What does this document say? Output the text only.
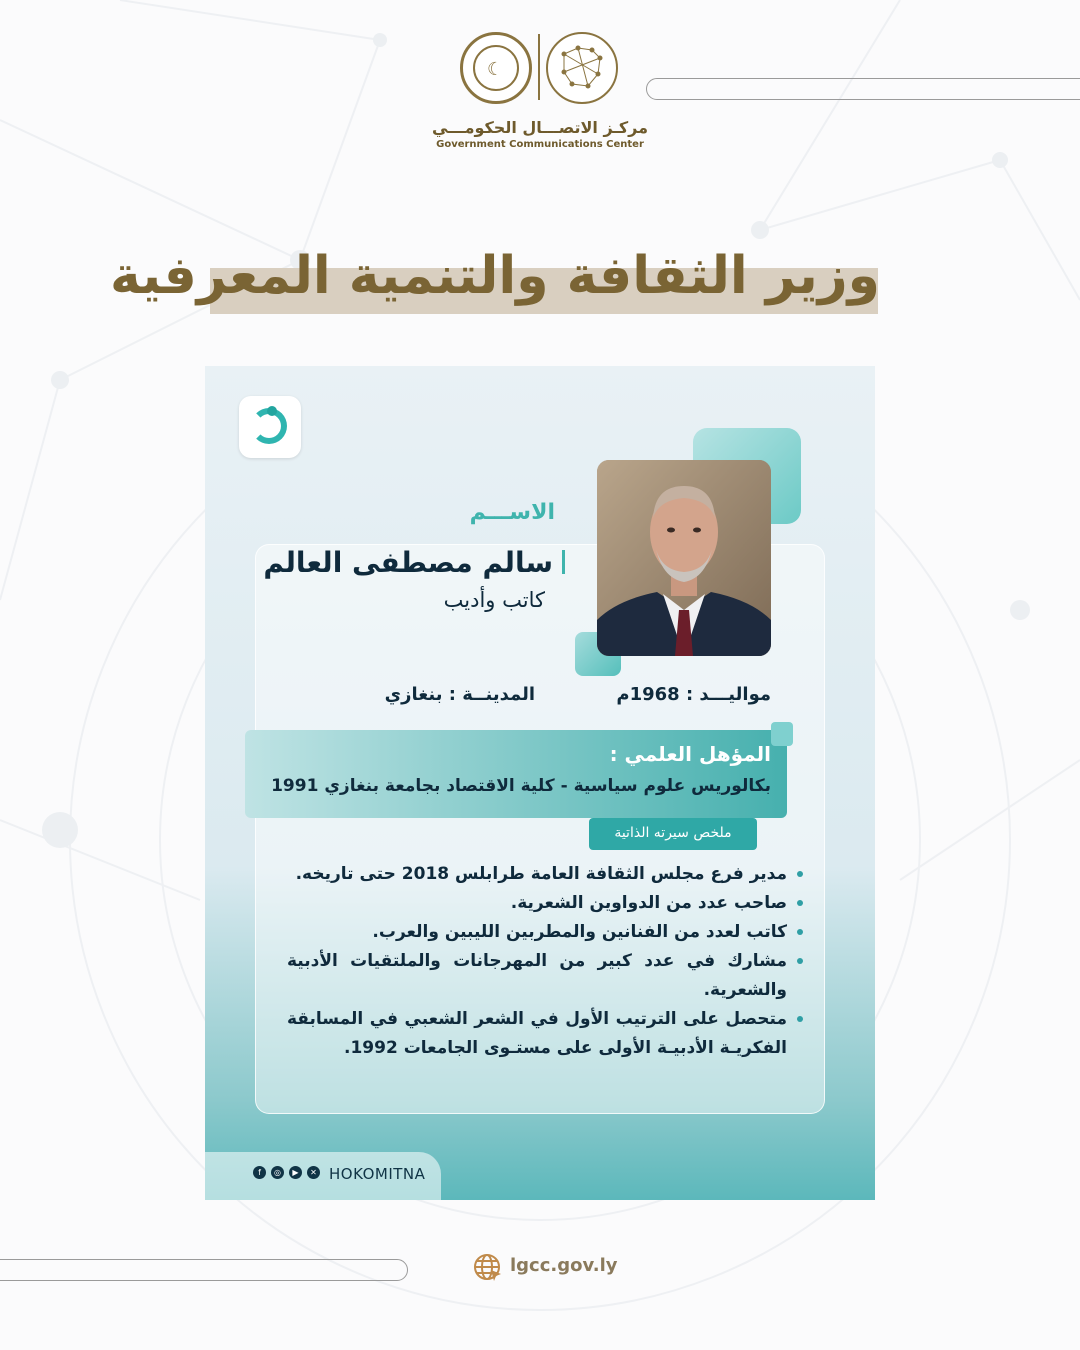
☾
مركـز الاتصـــال الحكومـــي
Government Communications Center
وزير الثقافة والتنمية المعرفية
الاســـم
سالم مصطفى العالم
كاتب وأديب
مواليـــد : 1968م
المدينــة : بنغازي
المؤهل العلمي :
بكالوريس علوم سياسية - كلية الاقتصاد بجامعة بنغازي 1991
ملخص سيرته الذاتية
مدير فرع مجلس الثقافة العامة طرابلس 2018 حتى تاريخه.
صاحب عدد من الدواوين الشعرية.
كاتب لعدد من الفنانين والمطربين الليبين والعرب.
مشارك في عدد كبير من المهرجانات والملتقيات الأدبية والشعرية.
متحصل على الترتيب الأول في الشعر الشعبي في المسابقة الفكريـة الأدبيـة الأولى على مستـوى الجامعات 1992.
f	◎	▶	✕ HOKOMITNA
lgcc.gov.ly
